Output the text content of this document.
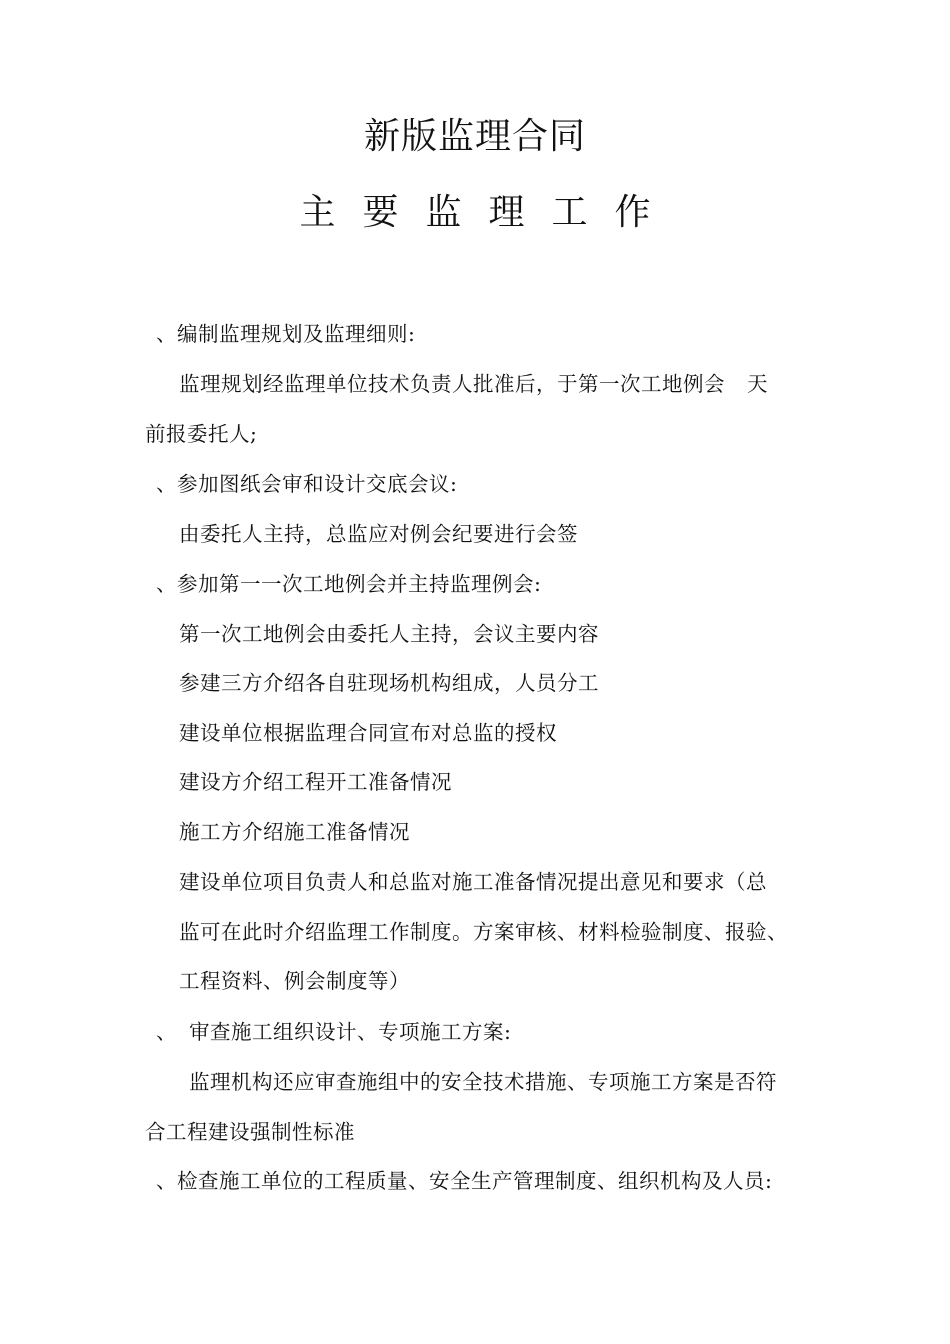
新版监理合同
主要监理工作
、编制监理规划及监理细则:
监理规划经监理单位技术负责人批准后，于第一次工地例会 天
前报委托人;
、参加图纸会审和设计交底会议:
由委托人主持，总监应对例会纪要进行会签
、参加第一一次工地例会并主持监理例会:
第一次工地例会由委托人主持，会议主要内容
参建三方介绍各自驻现场机构组成，人员分工
建设单位根据监理合同宣布对总监的授权
建设方介绍工程开工准备情况
施工方介绍施工准备情况
建设单位项目负责人和总监对施工准备情况提出意见和要求（总
监可在此时介绍监理工作制度。方案审核、材料检验制度、报验、
工程资料、例会制度等）
、 审查施工组织设计、专项施工方案:
监理机构还应审查施组中的安全技术措施、专项施工方案是否符
合工程建设强制性标准
、检查施工单位的工程质量、安全生产管理制度、组织机构及人员:
